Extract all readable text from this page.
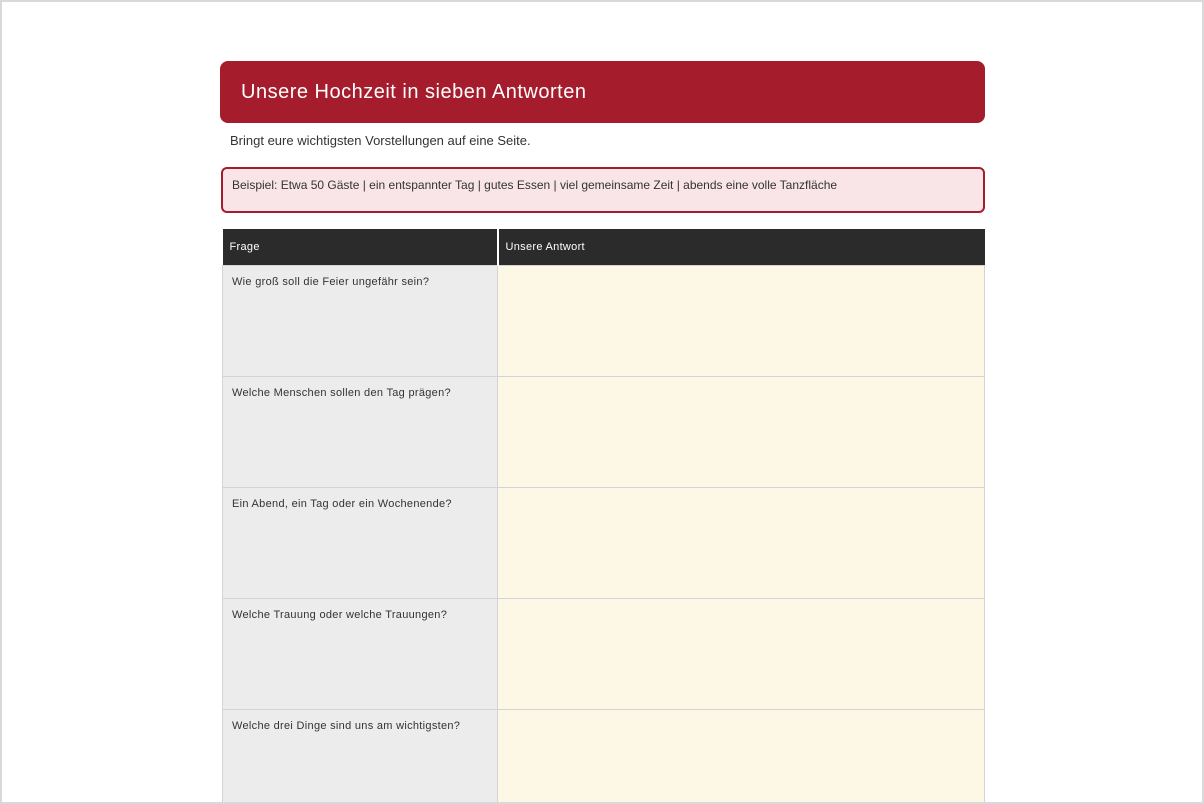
Unsere Hochzeit in sieben Antworten
Bringt eure wichtigsten Vorstellungen auf eine Seite.
Beispiel: Etwa 50 Gäste | ein entspannter Tag | gutes Essen | viel gemeinsame Zeit | abends eine volle Tanzfläche
Frage	Unsere Antwort
Wie groß soll die Feier ungefähr sein?	
Welche Menschen sollen den Tag prägen?	
Ein Abend, ein Tag oder ein Wochenende?	
Welche Trauung oder welche Trauungen?	
Welche drei Dinge sind uns am wichtigsten?	
